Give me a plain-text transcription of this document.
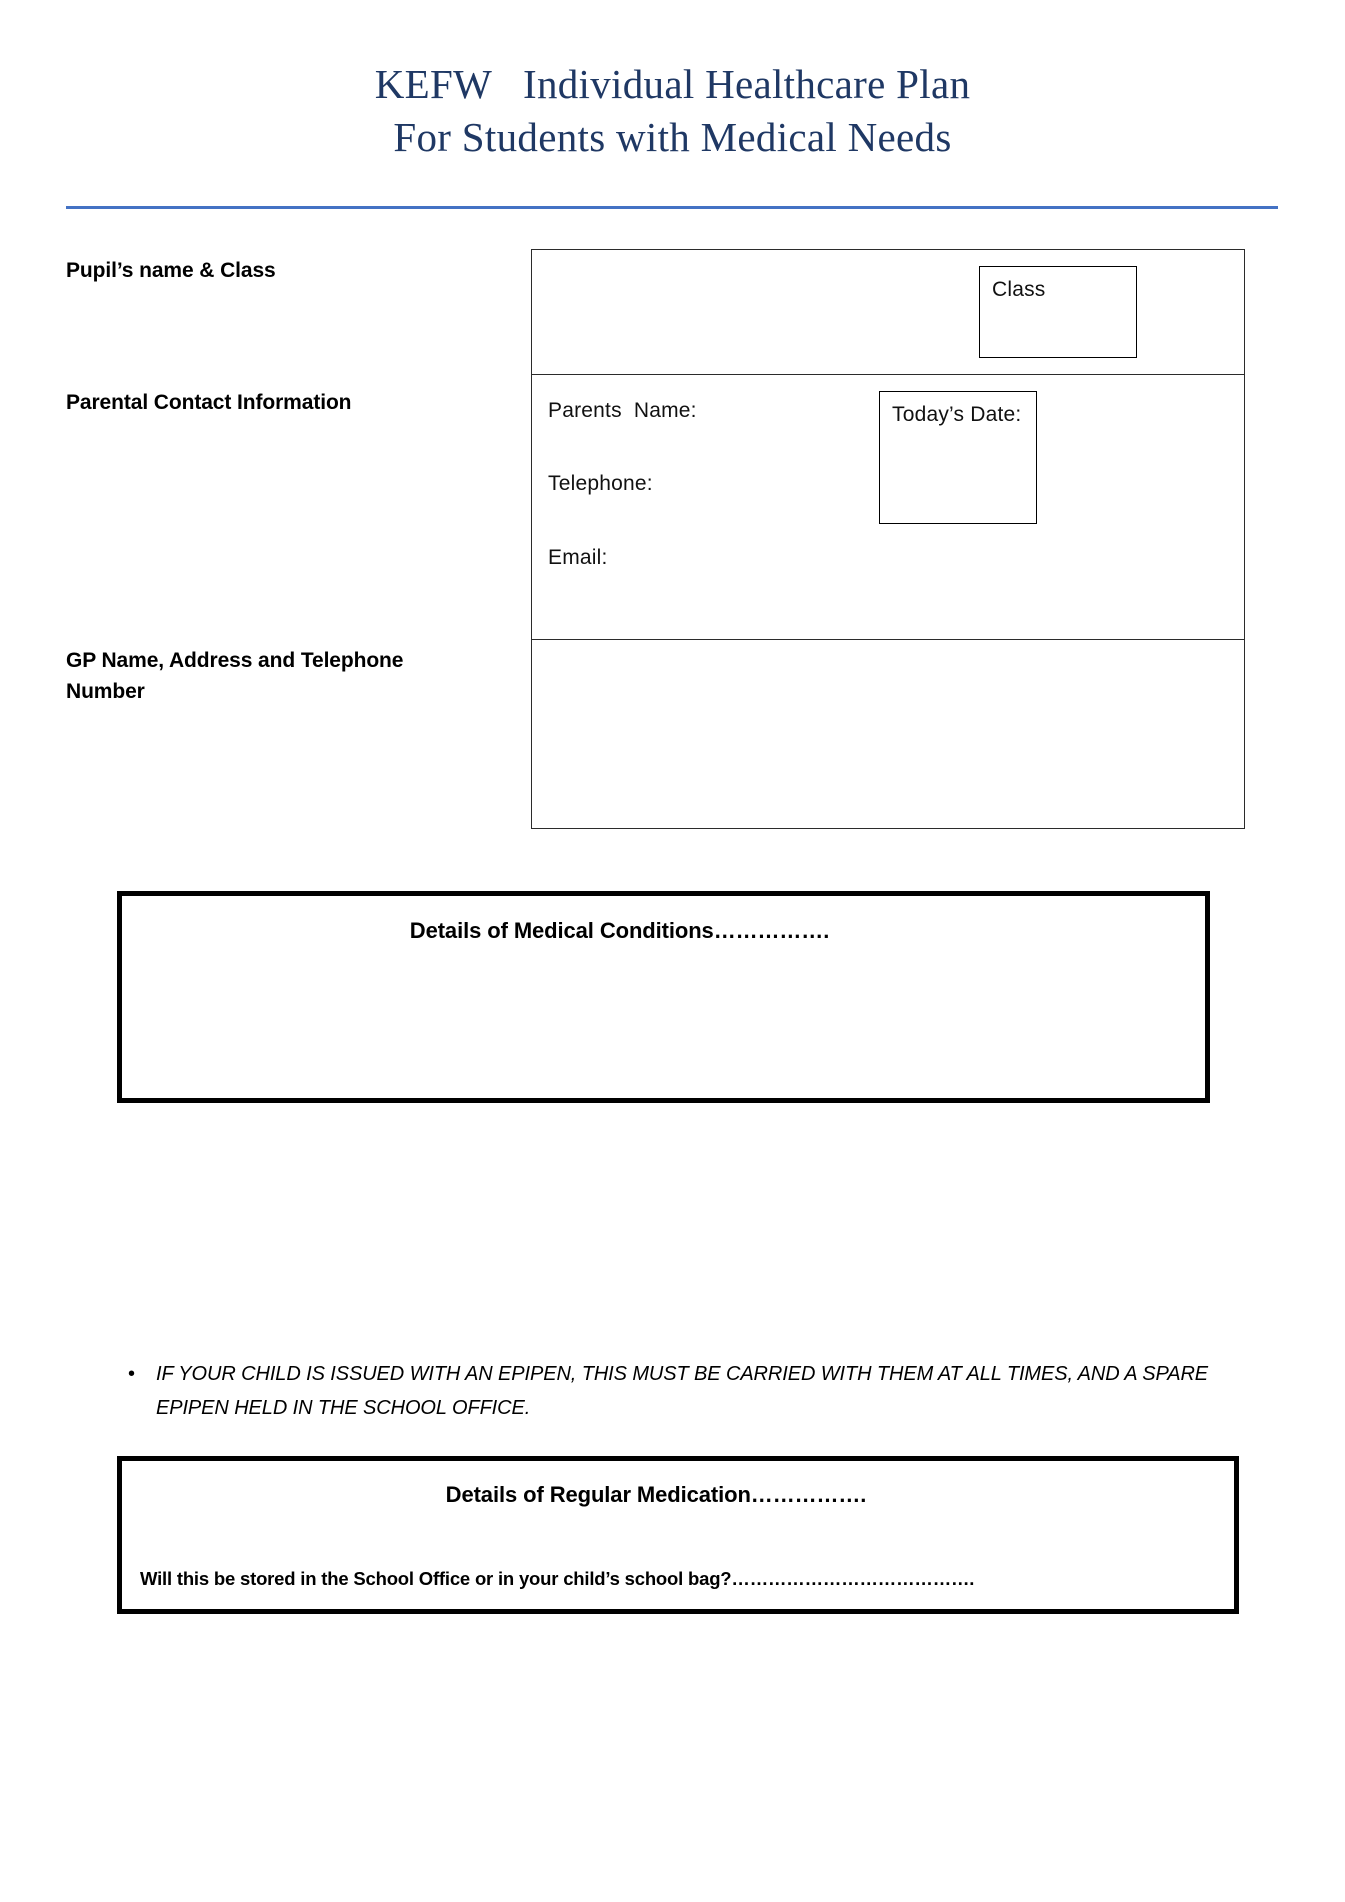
KEFW   Individual Healthcare Plan
For Students with Medical Needs
Pupil’s name & Class
Parental Contact Information
GP Name, Address and Telephone Number
Class
Parents  Name:
Telephone:
Email:
Today’s Date:
Details of Medical Conditions…………….
•	IF YOUR CHILD IS ISSUED WITH AN EPIPEN, THIS MUST BE CARRIED WITH THEM AT ALL TIMES, AND A SPARE EPIPEN HELD IN THE SCHOOL OFFICE.
Details of Regular Medication…………….
Will this be stored in the School Office or in your child’s school bag?………………………………….
